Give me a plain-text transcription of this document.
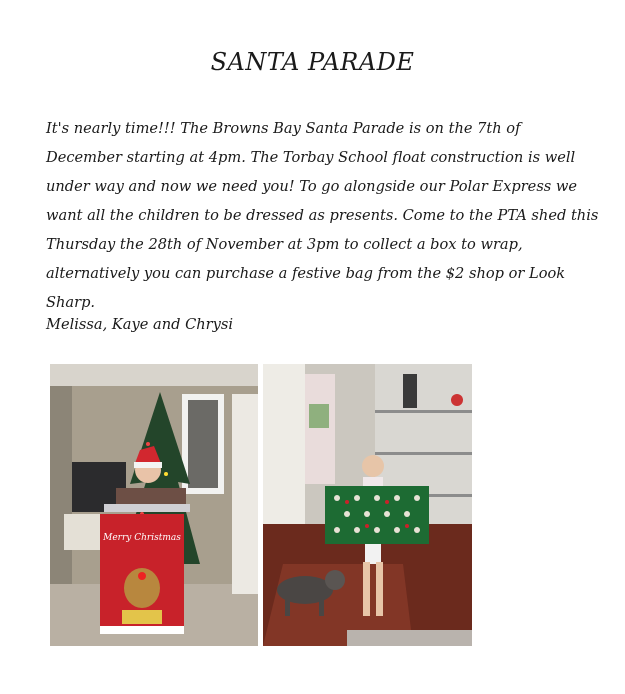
SANTA PARADE

It's nearly time!!! The Browns Bay Santa Parade is on the 7th of December starting at 4pm. The Torbay School float construction is well under way and now we need you! To go alongside our Polar Express we want all the children to be dressed as presents. Come to the PTA shed this Thursday the 28th of November at 3pm to collect a box to wrap, alternatively you can purchase a festive bag from the $2 shop or Look Sharp.

Melissa, Kaye and Chrysi

Merry Christmas
